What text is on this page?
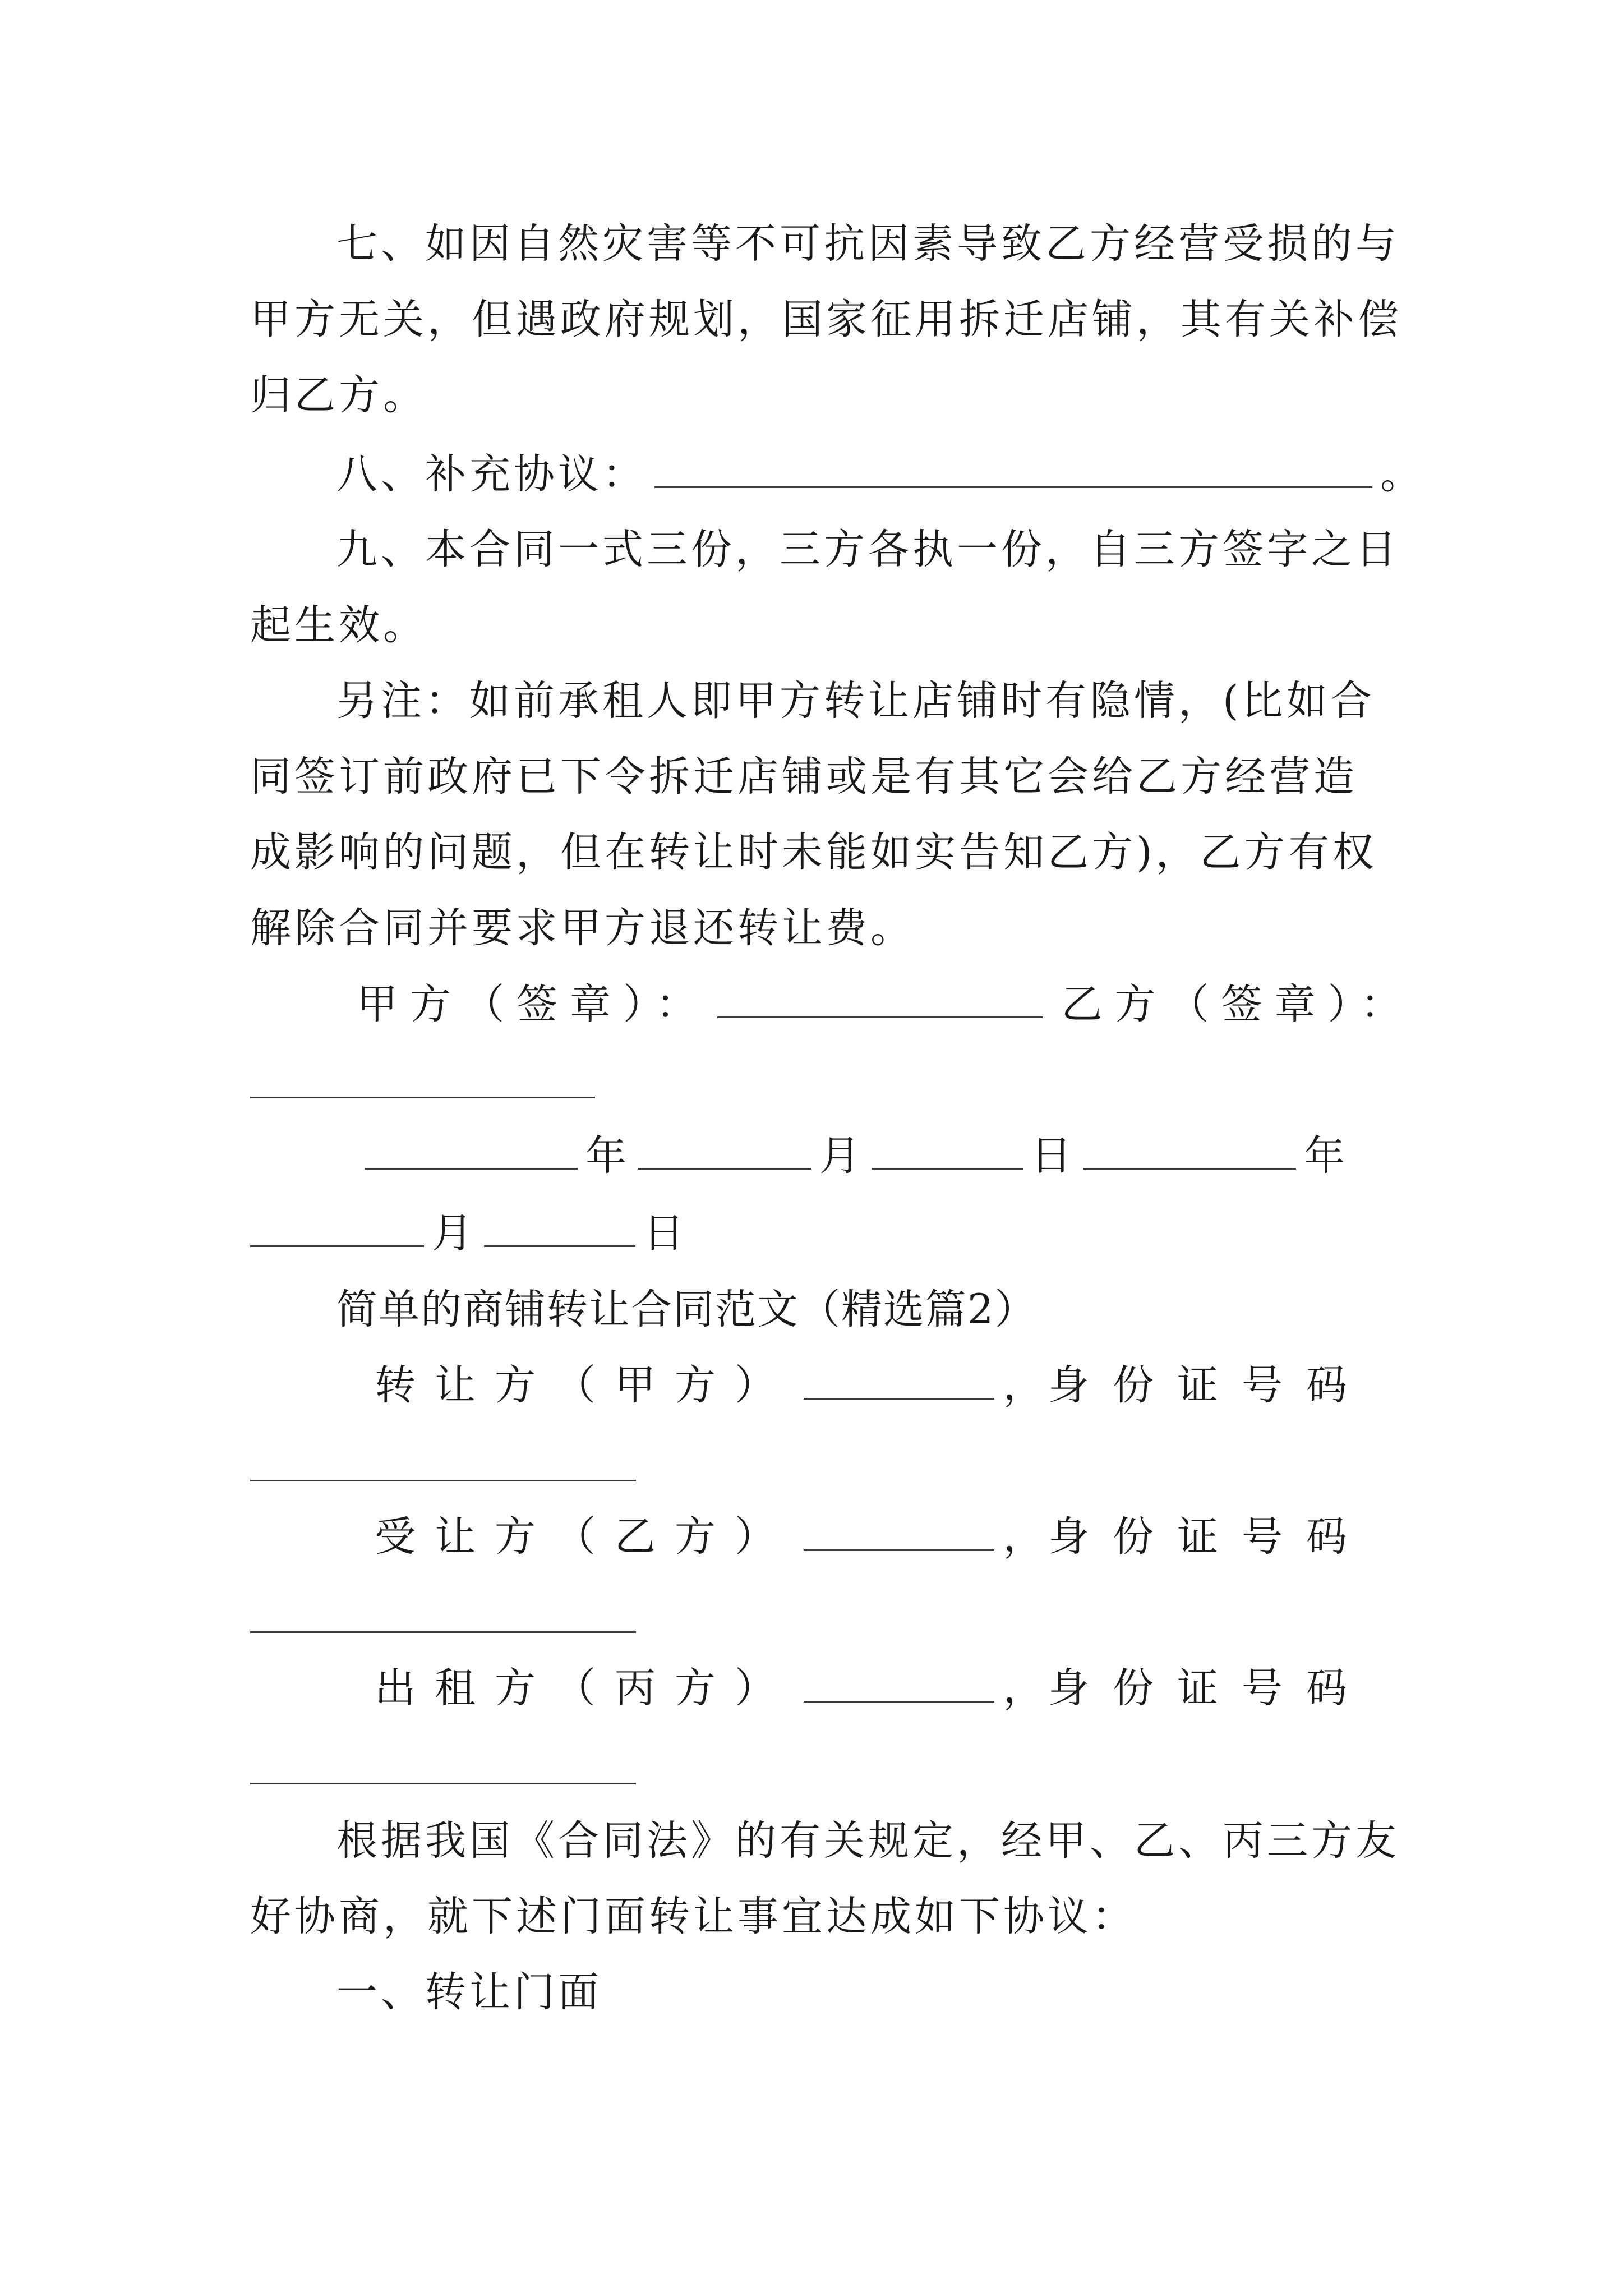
七、如因自然灾害等不可抗因素导致乙方经营受损的与
甲方无关，但遇政府规划，国家征用拆迁店铺，其有关补偿
归乙方。
八、补充协议：	。
九、本合同一式三份，三方各执一份，自三方签字之日
起生效。
另注：如前承租人即甲方转让店铺时有隐情，(比如合
同签订前政府已下令拆迁店铺或是有其它会给乙方经营造
成影响的问题，但在转让时未能如实告知乙方)，乙方有权
解除合同并要求甲方退还转让费。
甲方（签章）：	乙方（签章）：
年	月	日	年
月	日
简单的商铺转让合同范文（精选篇2）
转让方（甲方）	， 身份证号码
受让方（乙方）	， 身份证号码
出租方（丙方）	， 身份证号码
根据我国《合同法》的有关规定，经甲、乙、丙三方友
好协商，就下述门面转让事宜达成如下协议：
一、转让门面
